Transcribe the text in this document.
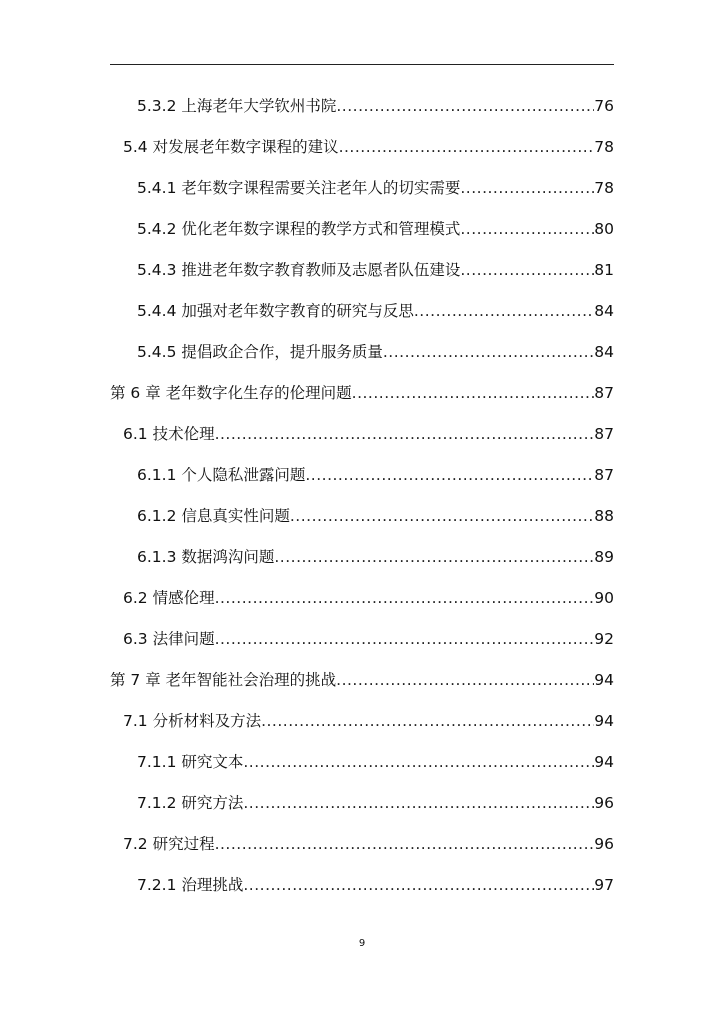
5.3.2 上海老年大学钦州书院 .....	76
5.4 对发展老年数字课程的建议 .....	78
5.4.1 老年数字课程需要关注老年人的切实需要 .....	78
5.4.2 优化老年数字课程的教学方式和管理模式 .....	80
5.4.3 推进老年数字教育教师及志愿者队伍建设 .....	81
5.4.4 加强对老年数字教育的研究与反思 .....	84
5.4.5 提倡政企合作，提升服务质量 .....	84
第 6 章 老年数字化生存的伦理问题 .....	87
6.1 技术伦理 .....	87
6.1.1 个人隐私泄露问题 .....	87
6.1.2 信息真实性问题 .....	88
6.1.3 数据鸿沟问题 .....	89
6.2 情感伦理 .....	90
6.3 法律问题 .....	92
第 7 章 老年智能社会治理的挑战 .....	94
7.1 分析材料及方法 .....	94
7.1.1 研究文本 .....	94
7.1.2 研究方法 .....	96
7.2 研究过程 .....	96
7.2.1 治理挑战 .....	97
9
